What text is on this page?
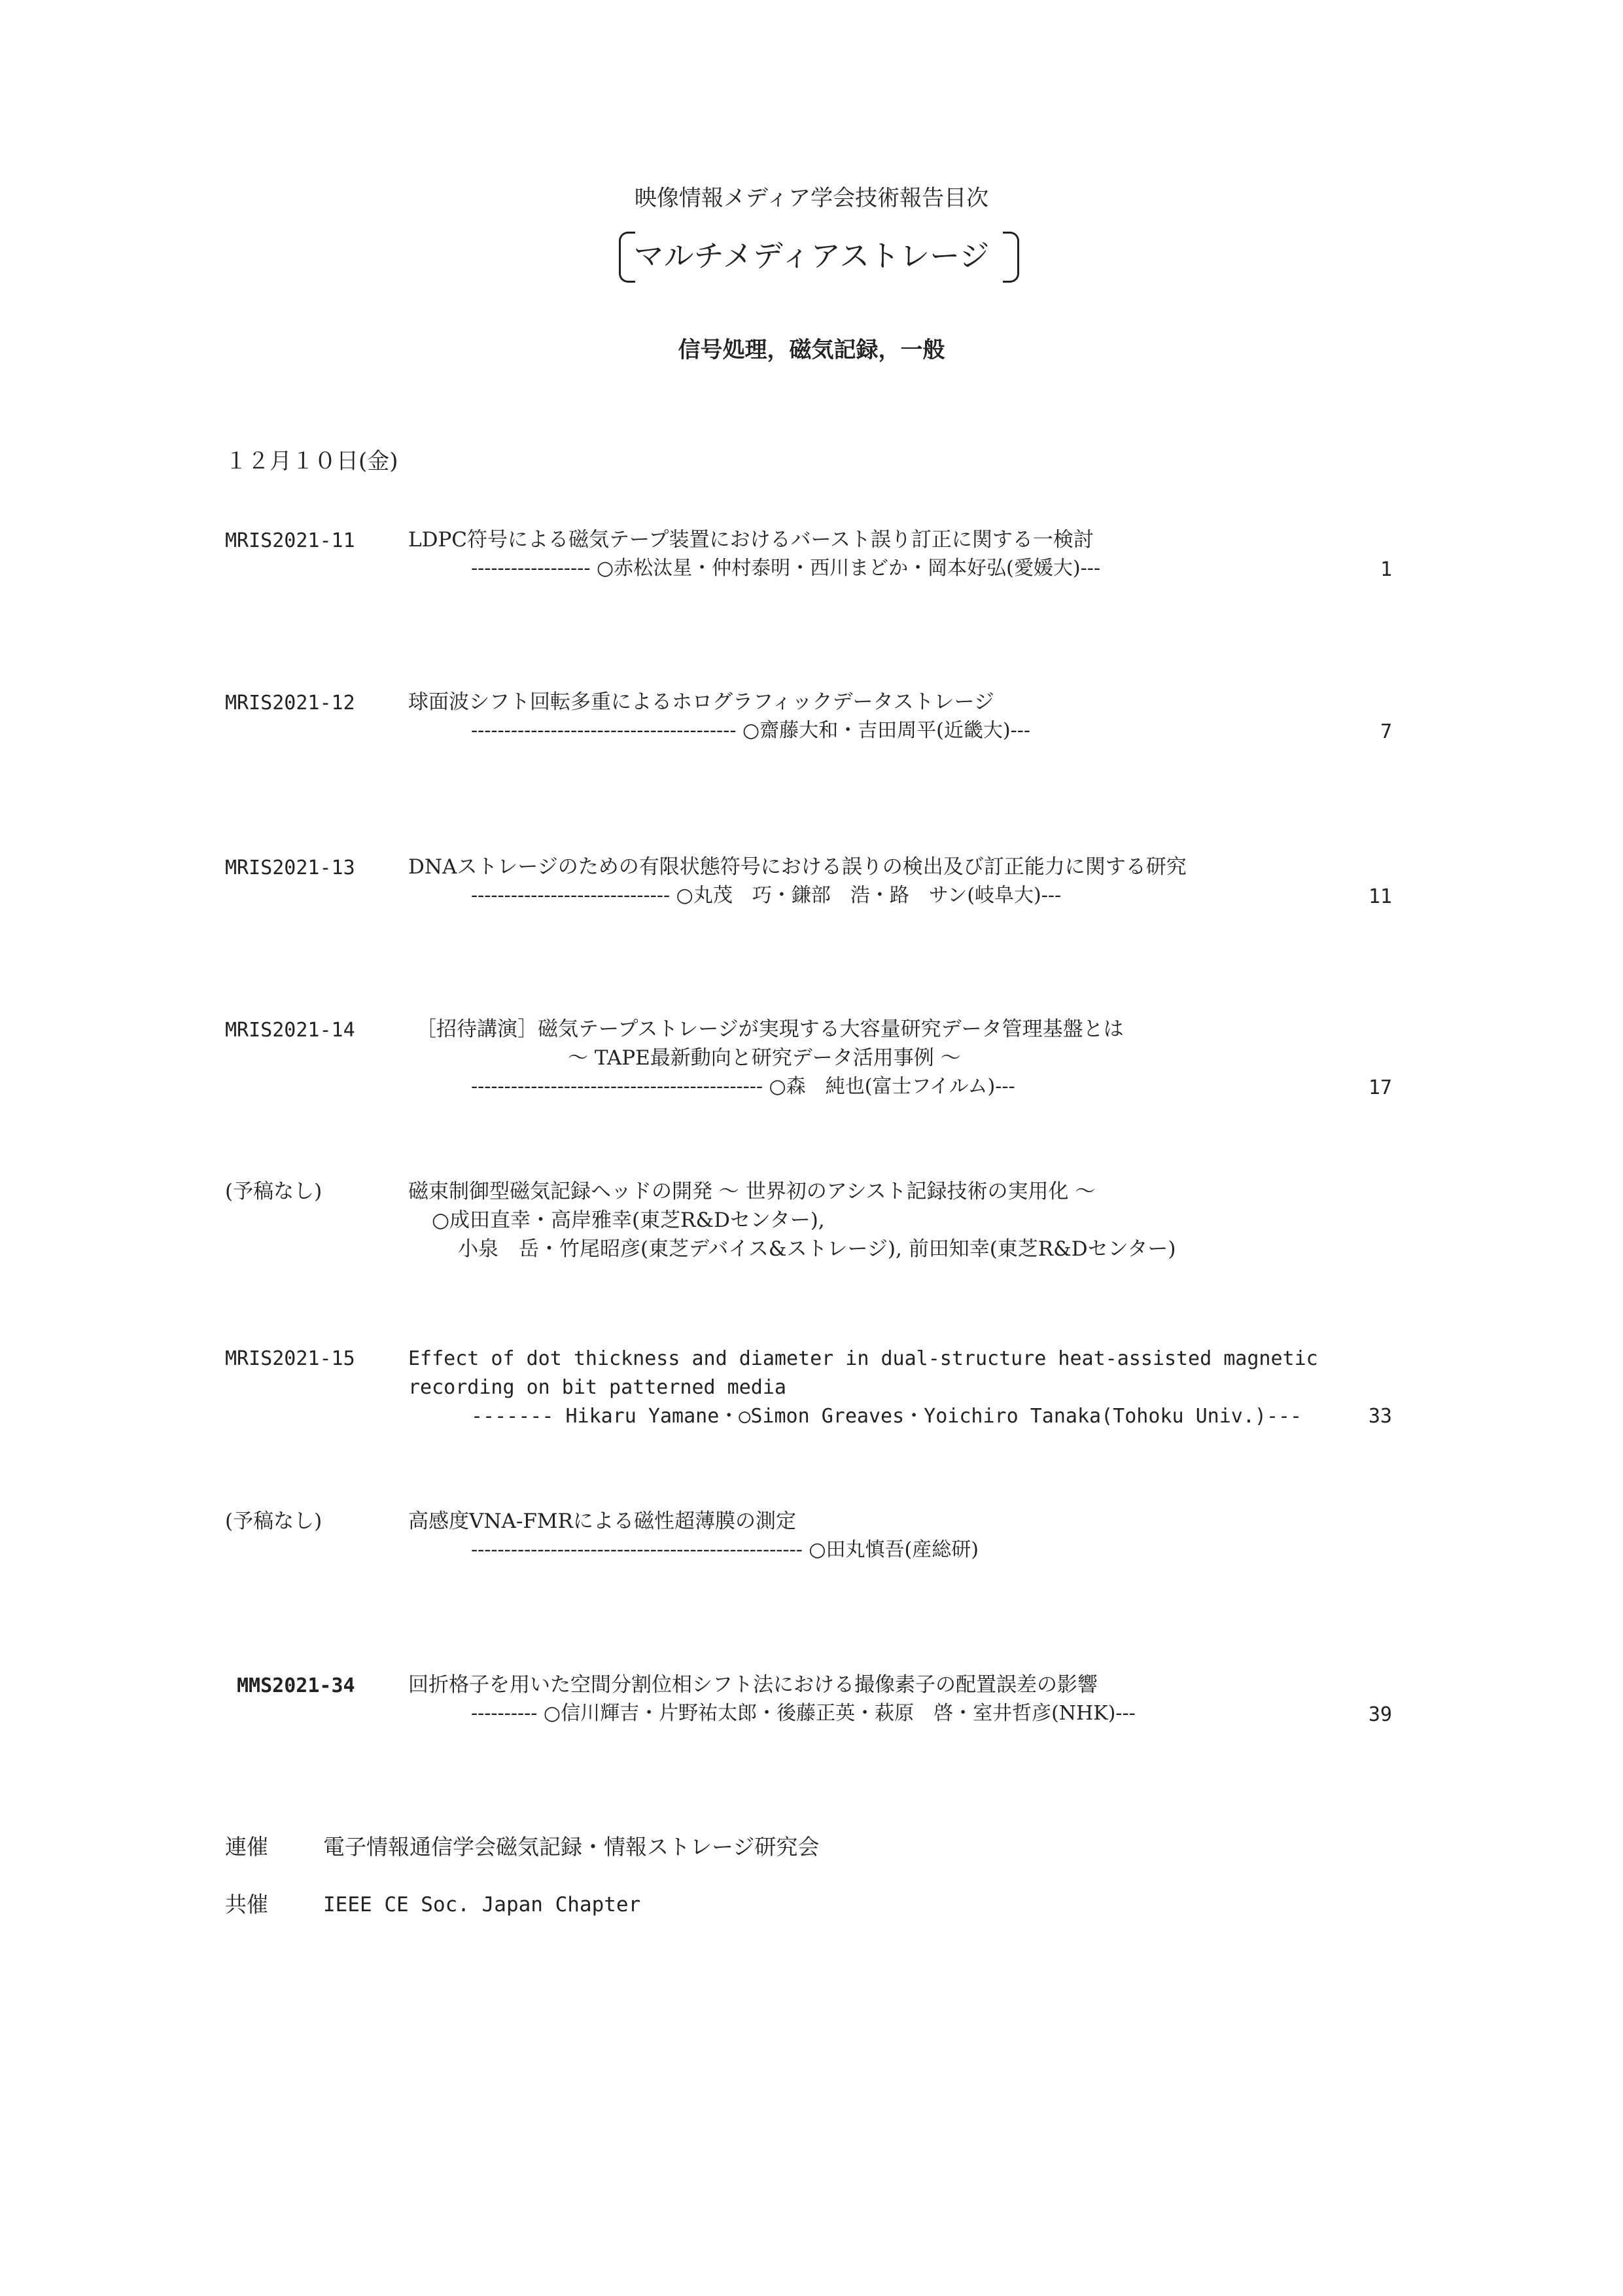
映像情報メディア学会技術報告目次
マルチメディアストレージ
信号処理，磁気記録，一般
１２月１０日(金)
MRIS2021-11	LDPC符号による磁気テープ装置におけるバースト誤り訂正に関する一検討
------------------ ○赤松汰星・仲村泰明・西川まどか・岡本好弘(愛媛大)---	1
MRIS2021-12	球面波シフト回転多重によるホログラフィックデータストレージ
---------------------------------------- ○齋藤大和・吉田周平(近畿大)---	7
MRIS2021-13	DNAストレージのための有限状態符号における誤りの検出及び訂正能力に関する研究
------------------------------ ○丸茂　巧・鎌部　浩・路　サン(岐阜大)---	11
MRIS2021-14	［招待講演］磁気テープストレージが実現する大容量研究データ管理基盤とは
～ TAPE最新動向と研究データ活用事例 ～
-------------------------------------------- ○森　純也(富士フイルム)---	17
(予稿なし)	磁束制御型磁気記録ヘッドの開発 ～ 世界初のアシスト記録技術の実用化 ～
○成田直幸・高岸雅幸(東芝R&Dセンター),
小泉　岳・竹尾昭彦(東芝デバイス&ストレージ), 前田知幸(東芝R&Dセンター)
MRIS2021-15	Effect of dot thickness and diameter in dual-structure heat-assisted magnetic
recording on bit patterned media
------- Hikaru Yamane・○Simon Greaves・Yoichiro Tanaka(Tohoku Univ.)---	33
(予稿なし)	高感度VNA-FMRによる磁性超薄膜の測定
-------------------------------------------------- ○田丸慎吾(産総研)
MMS2021-34	回折格子を用いた空間分割位相シフト法における撮像素子の配置誤差の影響
---------- ○信川輝吉・片野祐太郎・後藤正英・萩原　啓・室井哲彦(NHK)---	39
連催	電子情報通信学会磁気記録・情報ストレージ研究会
共催	IEEE CE Soc. Japan Chapter
